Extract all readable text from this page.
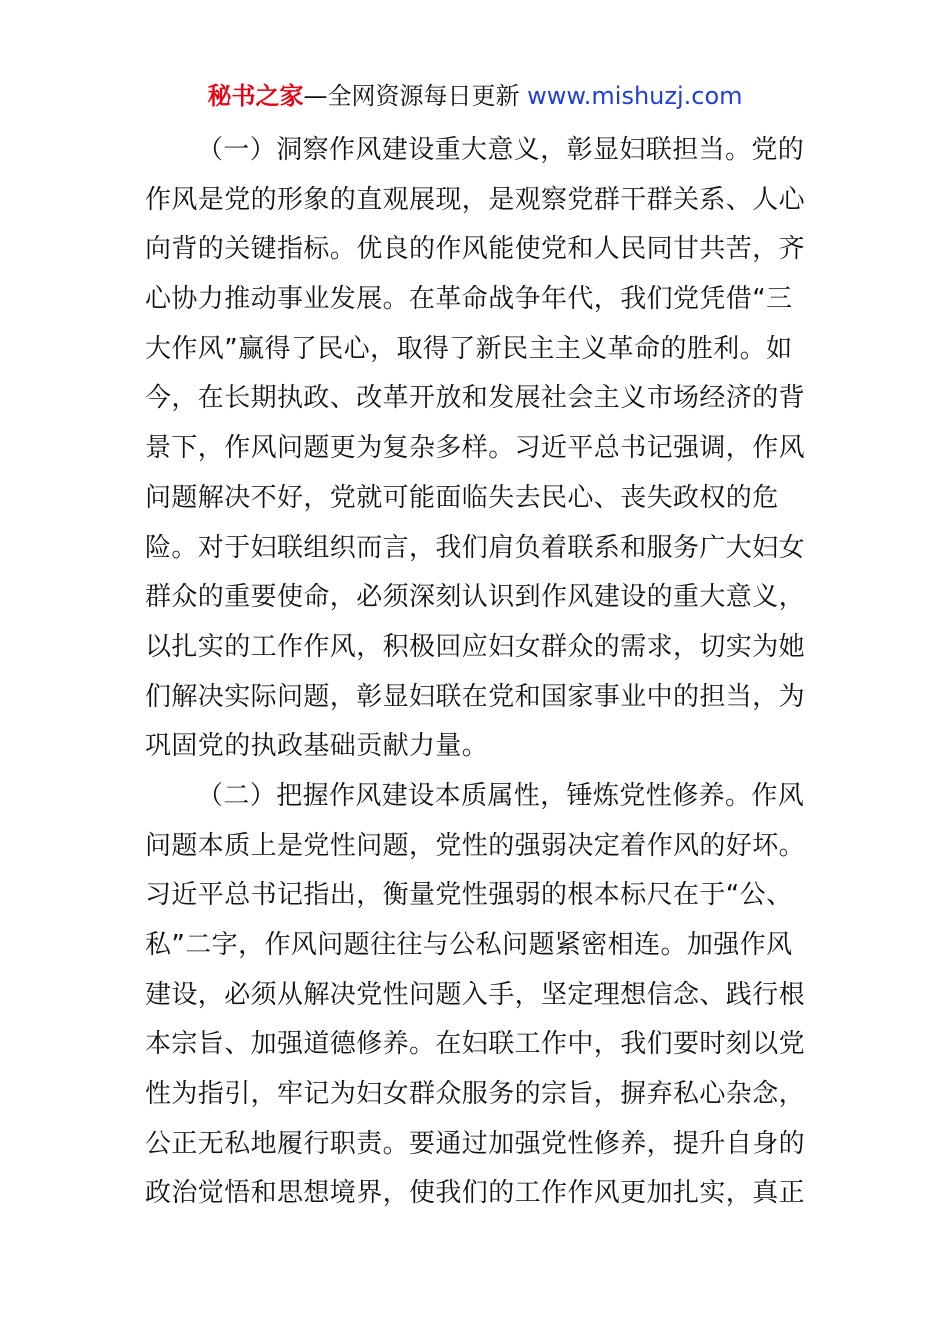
秘书之家—全网资源每日更新 www.mishuzj.com
（一）洞察作风建设重大意义，彰显妇联担当。党的
作风是党的形象的直观展现，是观察党群干群关系、人心
向背的关键指标。优良的作风能使党和人民同甘共苦，齐
心协力推动事业发展。在革命战争年代，我们党凭借“三
大作风”赢得了民心，取得了新民主主义革命的胜利。如
今，在长期执政、改革开放和发展社会主义市场经济的背
景下，作风问题更为复杂多样。习近平总书记强调，作风
问题解决不好，党就可能面临失去民心、丧失政权的危
险。对于妇联组织而言，我们肩负着联系和服务广大妇女
群众的重要使命，必须深刻认识到作风建设的重大意义，
以扎实的工作作风，积极回应妇女群众的需求，切实为她
们解决实际问题，彰显妇联在党和国家事业中的担当，为
巩固党的执政基础贡献力量。
（二）把握作风建设本质属性，锤炼党性修养。作风
问题本质上是党性问题，党性的强弱决定着作风的好坏。
习近平总书记指出，衡量党性强弱的根本标尺在于“公、
私”二字，作风问题往往与公私问题紧密相连。加强作风
建设，必须从解决党性问题入手，坚定理想信念、践行根
本宗旨、加强道德修养。在妇联工作中，我们要时刻以党
性为指引，牢记为妇女群众服务的宗旨，摒弃私心杂念，
公正无私地履行职责。要通过加强党性修养，提升自身的
政治觉悟和思想境界，使我们的工作作风更加扎实，真正
